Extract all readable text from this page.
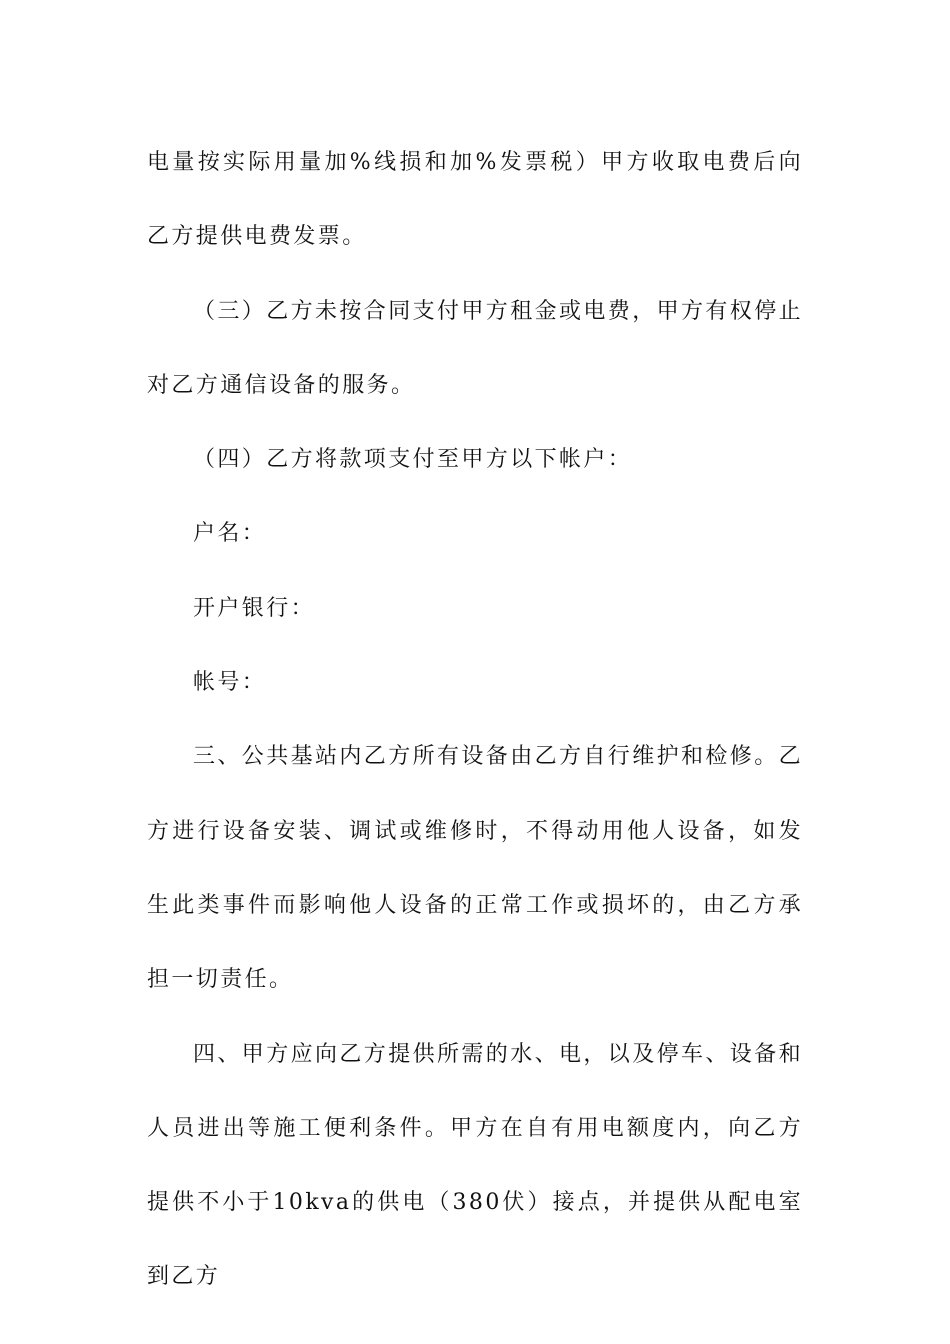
电量按实际用量加%线损和加%发票税）甲方收取电费后向乙方提供电费发票。

（三）乙方未按合同支付甲方租金或电费，甲方有权停止对乙方通信设备的服务。

（四）乙方将款项支付至甲方以下帐户：

户名：

开户银行：

帐号：

三、公共基站内乙方所有设备由乙方自行维护和检修。乙方进行设备安装、调试或维修时，不得动用他人设备，如发生此类事件而影响他人设备的正常工作或损坏的，由乙方承担一切责任。

四、甲方应向乙方提供所需的水、电，以及停车、设备和人员进出等施工便利条件。甲方在自有用电额度内，向乙方提供不小于10kva的供电（380伏）接点，并提供从配电室到乙方
